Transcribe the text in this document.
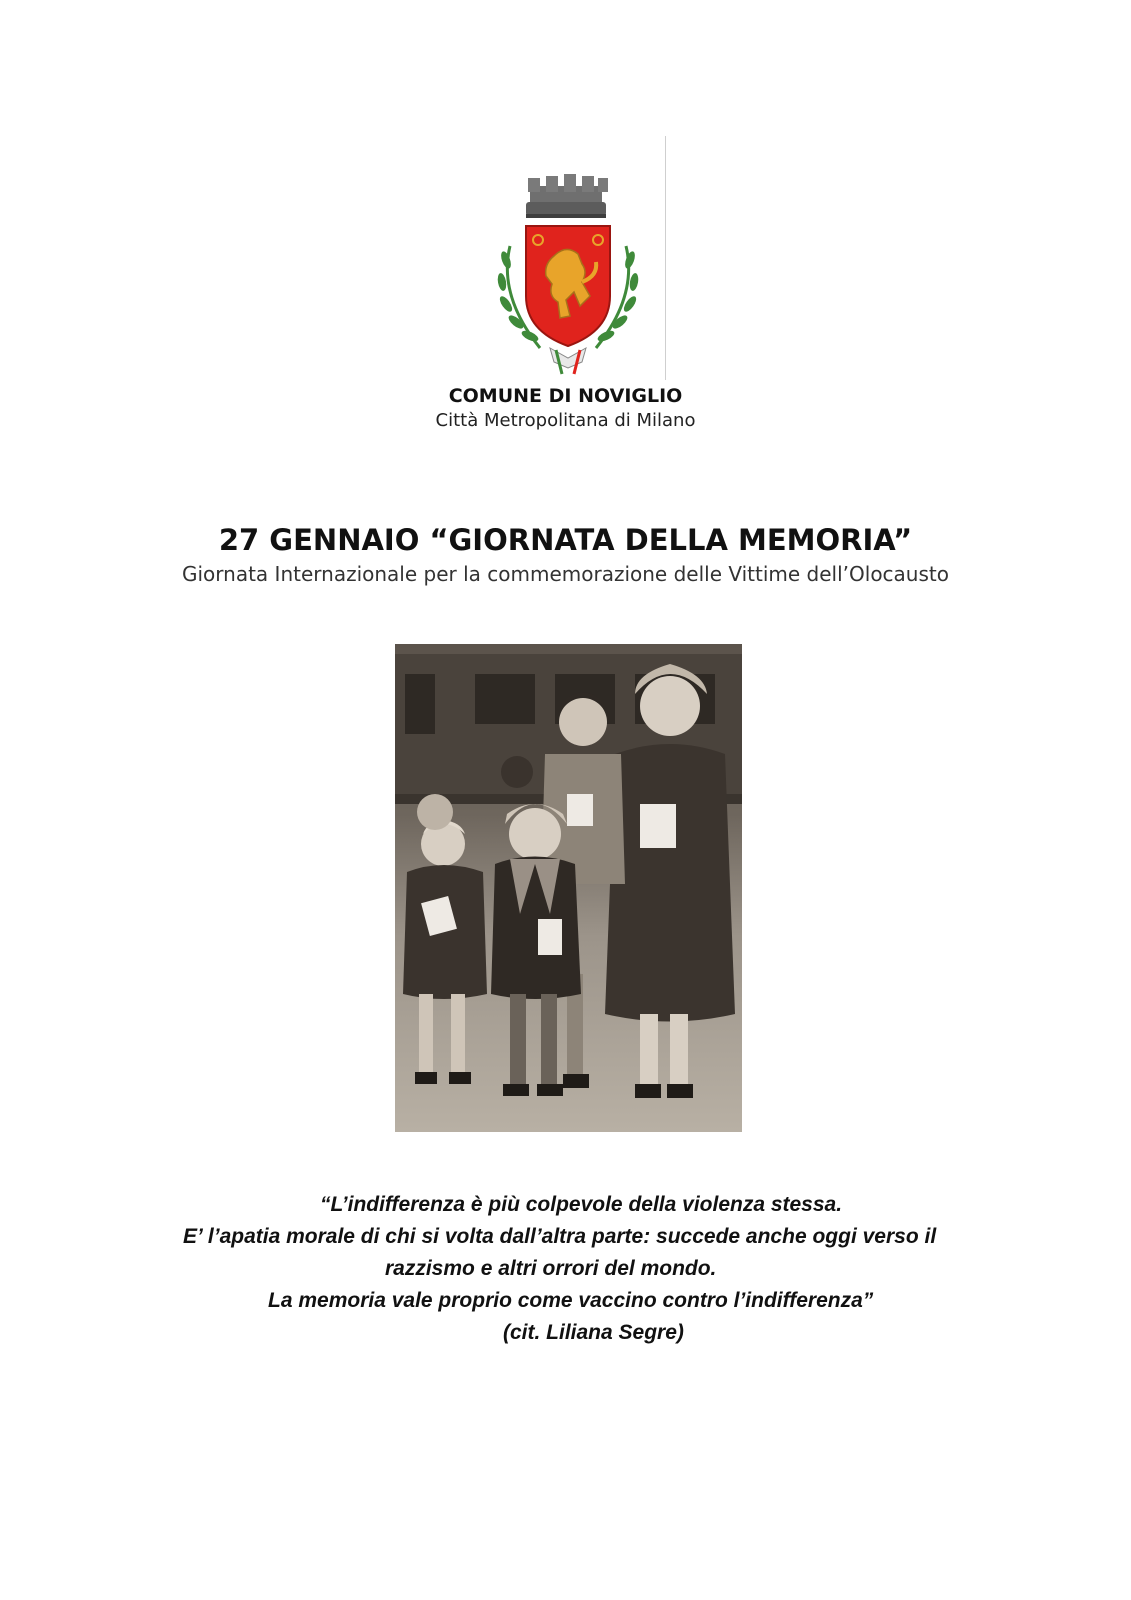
COMUNE DI NOVIGLIO
Città Metropolitana di Milano
27 GENNAIO “GIORNATA DELLA MEMORIA”
Giornata Internazionale per la commemorazione delle Vittime dell’Olocausto
“L’indifferenza è più colpevole della violenza stessa.
E’ l’apatia morale di chi si volta dall’altra parte: succede anche oggi verso il
razzismo e altri orrori del mondo.
La memoria vale proprio come vaccino contro l’indifferenza”
(cit. Liliana Segre)
